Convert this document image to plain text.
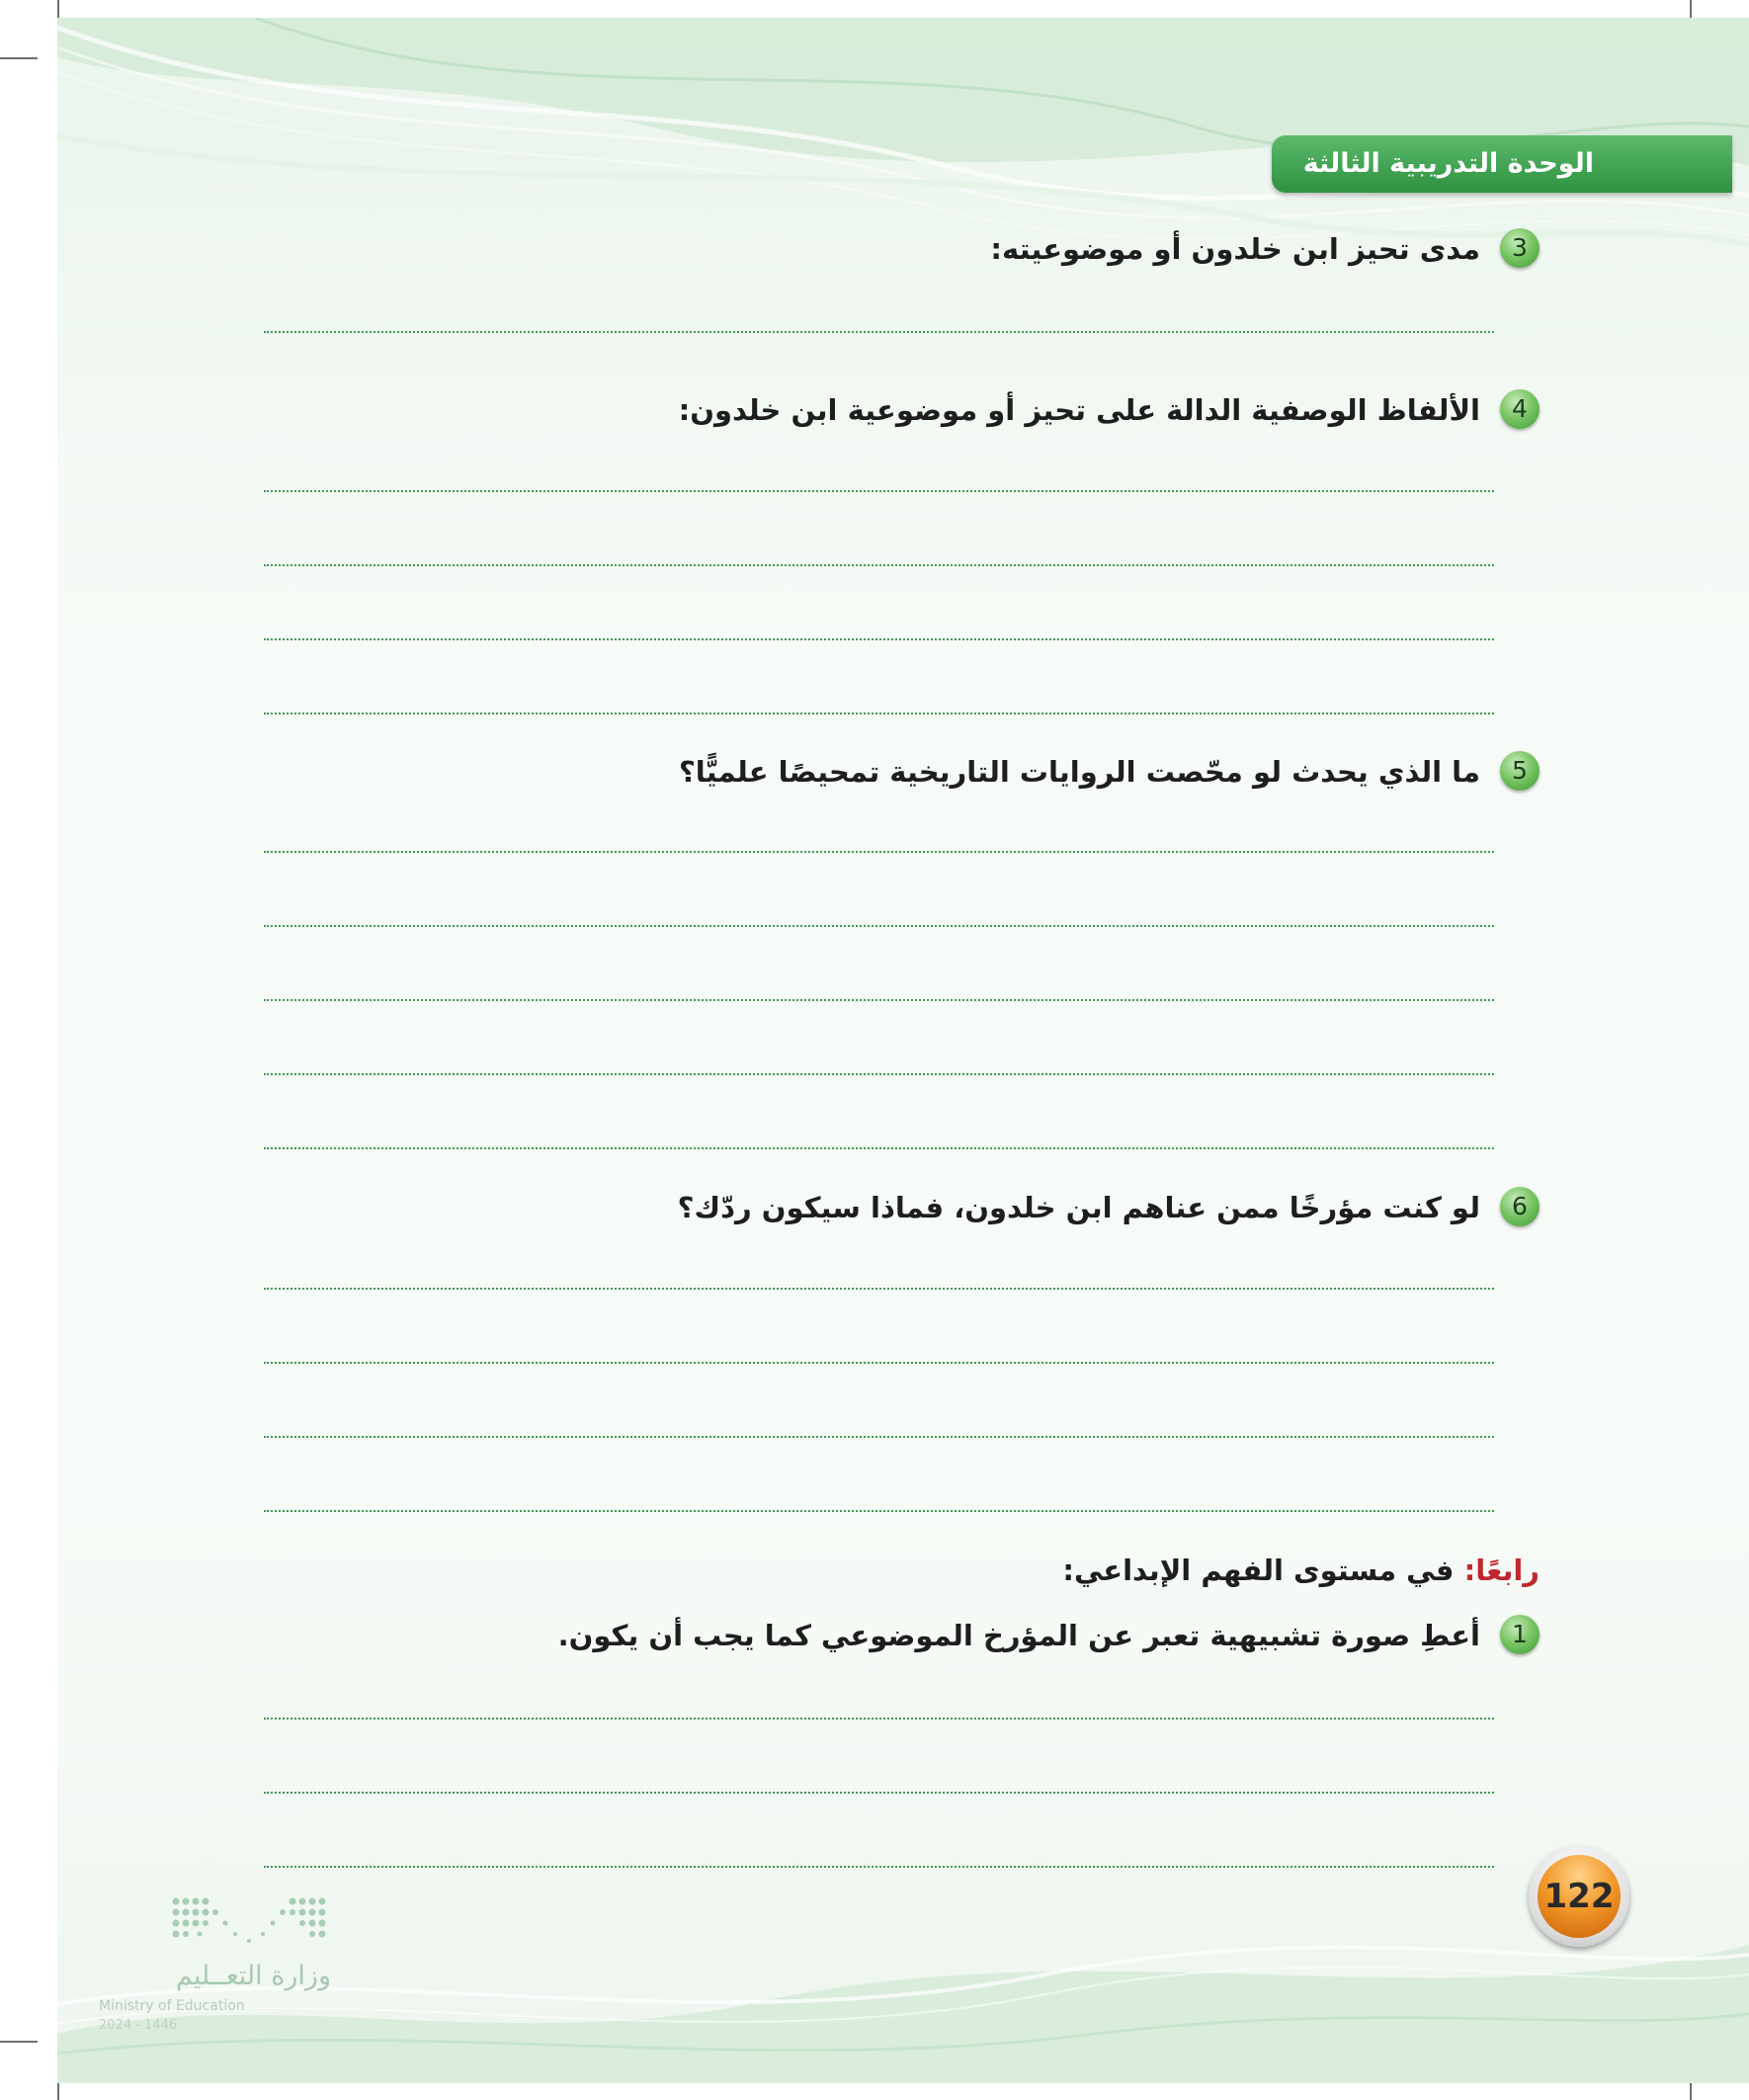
الوحدة التدريبية الثالثة
3
مدى تحيز ابن خلدون أو موضوعيته:
4
الألفاظ الوصفية الدالة على تحيز أو موضوعية ابن خلدون:
5
ما الذي يحدث لو محّصت الروايات التاريخية تمحيصًا علميًّا؟
6
لو كنت مؤرخًا ممن عناهم ابن خلدون، فماذا سيكون ردّك؟
رابعًا: في مستوى الفهم الإبداعي:
1
أعطِ صورة تشبيهية تعبر عن المؤرخ الموضوعي كما يجب أن يكون.
122
وزارة التعــليم
Ministry of Education
2024 - 1446
